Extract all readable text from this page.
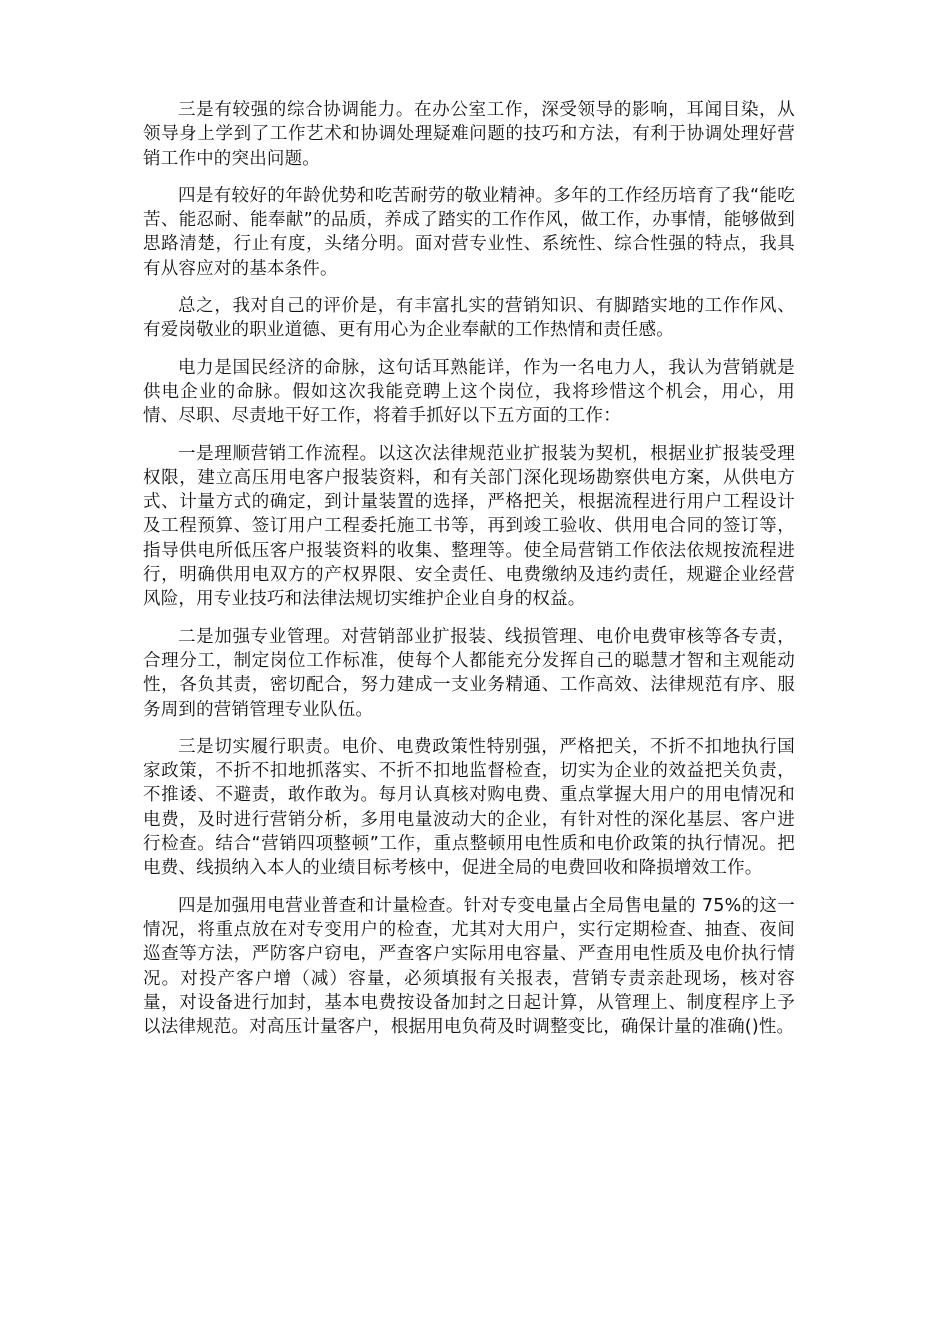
三是有较强的综合协调能力。在办公室工作，深受领导的影响，耳闻目染，从领导身上学到了工作艺术和协调处理疑难问题的技巧和方法，有利于协调处理好营销工作中的突出问题。

四是有较好的年龄优势和吃苦耐劳的敬业精神。多年的工作经历培育了我“能吃苦、能忍耐、能奉献”的品质，养成了踏实的工作作风，做工作，办事情，能够做到思路清楚，行止有度，头绪分明。面对营专业性、系统性、综合性强的特点，我具有从容应对的基本条件。

总之，我对自己的评价是，有丰富扎实的营销知识、有脚踏实地的工作作风、有爱岗敬业的职业道德、更有用心为企业奉献的工作热情和责任感。

电力是国民经济的命脉，这句话耳熟能详，作为一名电力人，我认为营销就是供电企业的命脉。假如这次我能竞聘上这个岗位，我将珍惜这个机会，用心，用情、尽职、尽责地干好工作，将着手抓好以下五方面的工作：

一是理顺营销工作流程。以这次法律规范业扩报装为契机，根据业扩报装受理权限，建立高压用电客户报装资料，和有关部门深化现场勘察供电方案，从供电方式、计量方式的确定，到计量装置的选择，严格把关，根据流程进行用户工程设计及工程预算、签订用户工程委托施工书等，再到竣工验收、供用电合同的签订等，指导供电所低压客户报装资料的收集、整理等。使全局营销工作依法依规按流程进行，明确供用电双方的产权界限、安全责任、电费缴纳及违约责任，规避企业经营风险，用专业技巧和法律法规切实维护企业自身的权益。

二是加强专业管理。对营销部业扩报装、线损管理、电价电费审核等各专责，合理分工，制定岗位工作标准，使每个人都能充分发挥自己的聪慧才智和主观能动性，各负其责，密切配合，努力建成一支业务精通、工作高效、法律规范有序、服务周到的营销管理专业队伍。

三是切实履行职责。电价、电费政策性特别强，严格把关，不折不扣地执行国家政策，不折不扣地抓落实、不折不扣地监督检查，切实为企业的效益把关负责，不推诿、不避责，敢作敢为。每月认真核对购电费、重点掌握大用户的用电情况和电费，及时进行营销分析，多用电量波动大的企业，有针对性的深化基层、客户进行检查。结合“营销四项整顿”工作，重点整顿用电性质和电价政策的执行情况。把电费、线损纳入本人的业绩目标考核中，促进全局的电费回收和降损增效工作。

四是加强用电营业普查和计量检查。针对专变电量占全局售电量的 75%的这一情况，将重点放在对专变用户的检查，尤其对大用户，实行定期检查、抽查、夜间巡查等方法，严防客户窃电，严查客户实际用电容量、严查用电性质及电价执行情况。对投产客户增（减）容量，必须填报有关报表，营销专责亲赴现场，核对容量，对设备进行加封，基本电费按设备加封之日起计算，从管理上、制度程序上予以法律规范。对高压计量客户，根据用电负荷及时调整变比，确保计量的准确()性。
